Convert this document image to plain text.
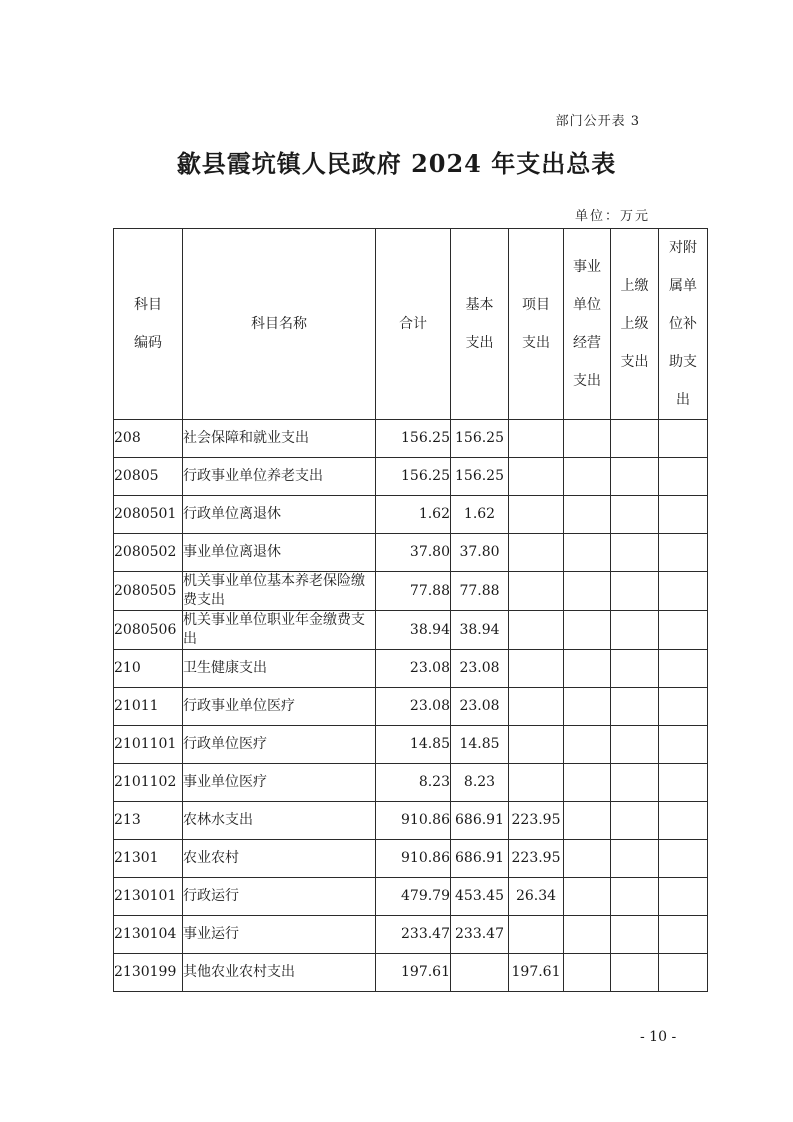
部门公开表 3
歙县霞坑镇人民政府 2024 年支出总表
单位：万元
科目编码	科目名称	合计	基本支出	项目支出	事业单位经营支出	上缴上级支出	对附属单位补助支出

208	社会保障和就业支出	156.25	156.25				
20805	行政事业单位养老支出	156.25	156.25				
2080501	行政单位离退休	1.62	1.62				
2080502	事业单位离退休	37.80	37.80				
2080505	机关事业单位基本养老保险缴费支出	77.88	77.88				
2080506	机关事业单位职业年金缴费支出	38.94	38.94				
210	卫生健康支出	23.08	23.08				
21011	行政事业单位医疗	23.08	23.08				
2101101	行政单位医疗	14.85	14.85				
2101102	事业单位医疗	8.23	8.23				
213	农林水支出	910.86	686.91	223.95			
21301	农业农村	910.86	686.91	223.95			
2130101	行政运行	479.79	453.45	26.34			
2130104	事业运行	233.47	233.47				
2130199	其他农业农村支出	197.61		197.61			
- 10 -
